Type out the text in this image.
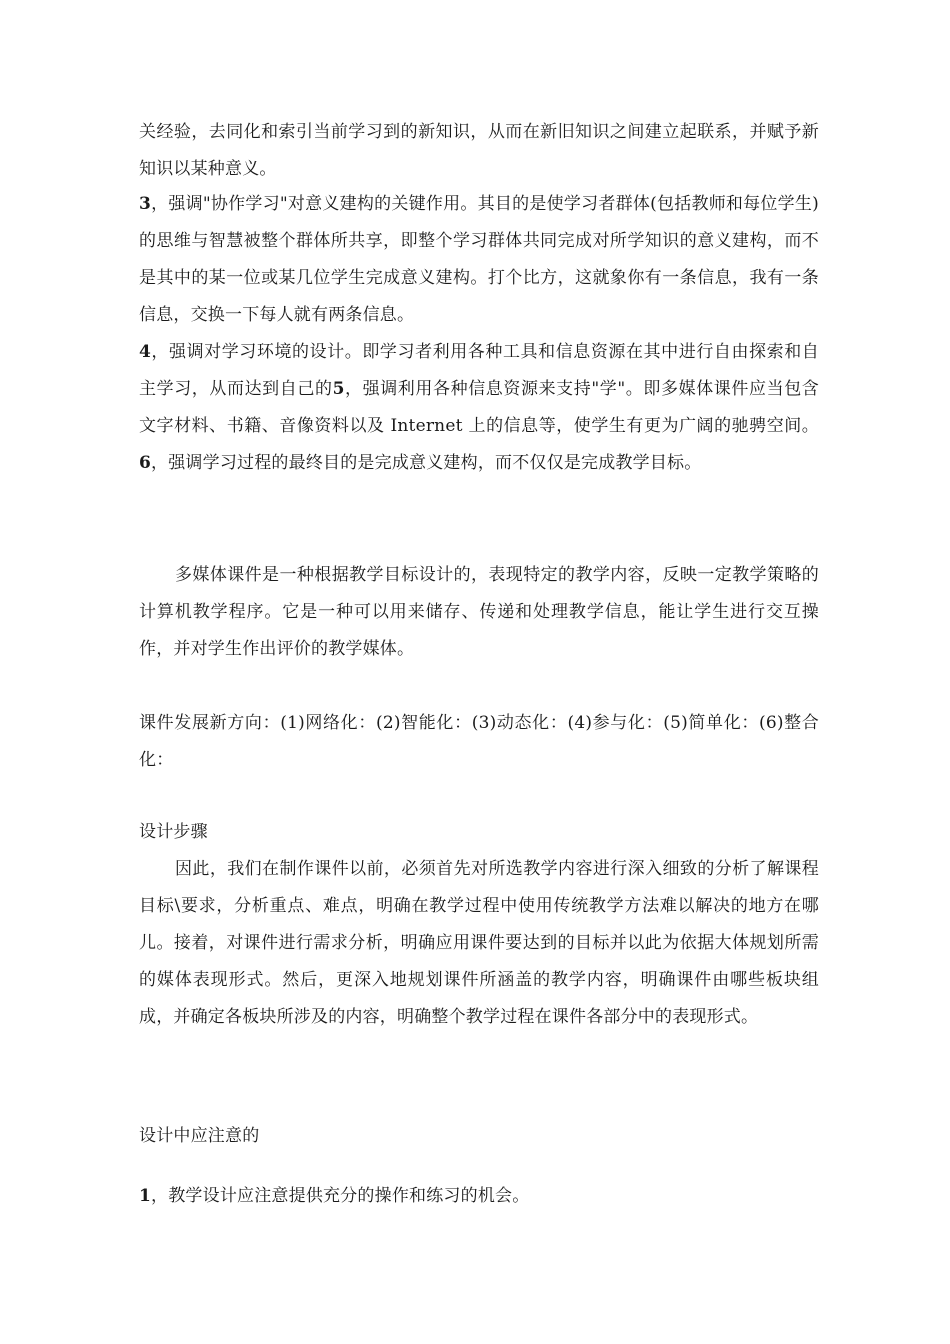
关经验，去同化和索引当前学习到的新知识，从而在新旧知识之间建立起联系，并赋予新知识以某种意义。

3，强调"协作学习"对意义建构的关键作用。其目的是使学习者群体(包括教师和每位学生)的思维与智慧被整个群体所共享，即整个学习群体共同完成对所学知识的意义建构，而不是其中的某一位或某几位学生完成意义建构。打个比方，这就象你有一条信息，我有一条信息，交换一下每人就有两条信息。

4，强调对学习环境的设计。即学习者利用各种工具和信息资源在其中进行自由探索和自主学习，从而达到自己的5，强调利用各种信息资源来支持"学"。即多媒体课件应当包含文字材料、书籍、音像资料以及 Internet 上的信息等，使学生有更为广阔的驰骋空间。6，强调学习过程的最终目的是完成意义建构，而不仅仅是完成教学目标。

多媒体课件是一种根据教学目标设计的，表现特定的教学内容，反映一定教学策略的计算机教学程序。它是一种可以用来储存、传递和处理教学信息，能让学生进行交互操作，并对学生作出评价的教学媒体。

课件发展新方向：(1)网络化：(2)智能化：(3)动态化：(4)参与化：(5)简单化：(6)整合化：

设计步骤

因此，我们在制作课件以前，必须首先对所选教学内容进行深入细致的分析了解课程目标\要求，分析重点、难点，明确在教学过程中使用传统教学方法难以解决的地方在哪儿。接着，对课件进行需求分析，明确应用课件要达到的目标并以此为依据大体规划所需的媒体表现形式。然后，更深入地规划课件所涵盖的教学内容，明确课件由哪些板块组成，并确定各板块所涉及的内容，明确整个教学过程在课件各部分中的表现形式。

设计中应注意的

1，教学设计应注意提供充分的操作和练习的机会。
